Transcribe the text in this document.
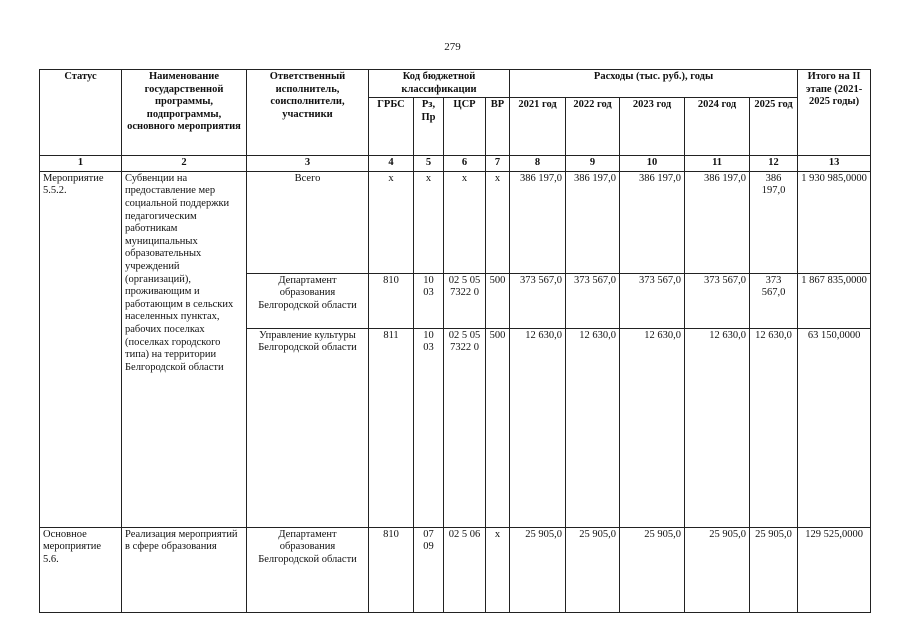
279
Статус	Наименование государственной программы, подпрограммы, основного мероприятия	Ответственный исполнитель, соисполнители, участники	Код бюджетной классификации				Расходы (тыс. руб.), годы					Итого на II этапе (2021-2025 годы)
			ГРБС	Рз, Пр	ЦСР	ВР	2021 год	2022 год	2023 год	2024 год	2025 год	
1	2	3	4	5	6	7	8	9	10	11	12	13
Мероприятие 5.5.2.	Субвенции на предоставление мер социальной поддержки педагогическим работникам муниципальных образовательных учреждений (организаций), проживающим и работающим в сельских населенных пунктах, рабочих поселках (поселках городского типа) на территории Белгородской области	Всего	х	х	х	х	386 197,0	386 197,0	386 197,0	386 197,0	386 197,0	1 930 985,0000
		Департамент образования Белгородской области	810	10 03	02 5 05 7322 0	500	373 567,0	373 567,0	373 567,0	373 567,0	373 567,0	1 867 835,0000
		Управление культуры Белгородской области	811	10 03	02 5 05 7322 0	500	12 630,0	12 630,0	12 630,0	12 630,0	12 630,0	63 150,0000
Основное мероприятие 5.6.	Реализация мероприятий в сфере образования	Департамент образования Белгородской области	810	07 09	02 5 06	х	25 905,0	25 905,0	25 905,0	25 905,0	25 905,0	129 525,0000
